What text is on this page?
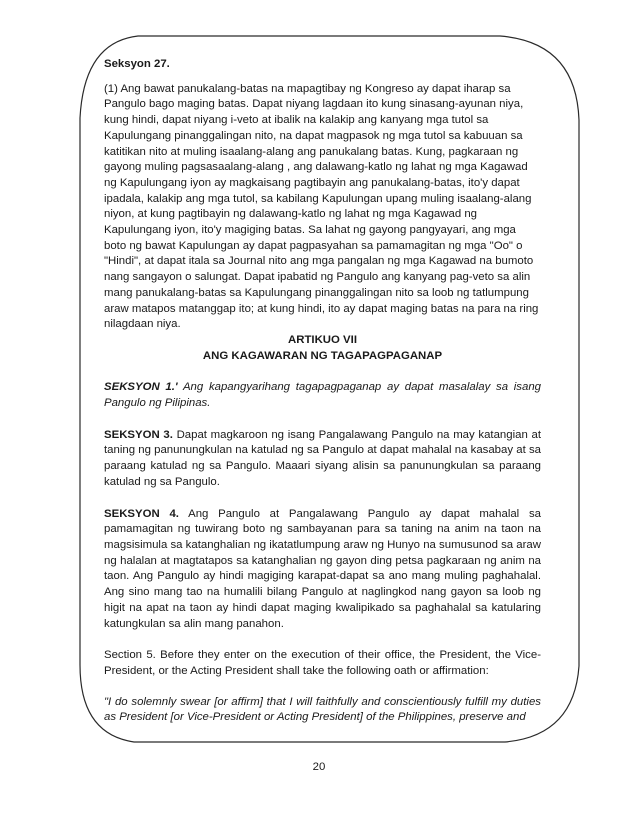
Seksyon 27.

(1) Ang bawat panukalang-batas na mapagtibay ng Kongreso ay dapat iharap sa Pangulo bago maging batas. Dapat niyang lagdaan ito kung sinasang-ayunan niya, kung hindi, dapat niyang i-veto at ibalik na kalakip ang kanyang mga tutol sa Kapulungang pinanggalingan nito, na dapat magpasok ng mga tutol sa kabuuan sa katitikan nito at muling isaalang-alang ang panukalang batas. Kung, pagkaraan ng gayong muling pagsasaalang-alang , ang dalawang-katlo ng lahat ng mga Kagawad ng Kapulungang iyon ay magkaisang pagtibayin ang panukalang-batas, ito'y dapat ipadala, kalakip ang mga tutol, sa kabilang Kapulungan upang muling isaalang-alang niyon, at kung pagtibayin ng dalawang-katlo ng lahat ng mga Kagawad ng Kapulungang iyon, ito'y magiging batas. Sa lahat ng gayong pangyayari, ang mga boto ng bawat Kapulungan ay dapat pagpasyahan sa pamamagitan ng mga "Oo" o "Hindi", at dapat itala sa Journal nito ang mga pangalan ng mga Kagawad na bumoto nang sangayon o salungat. Dapat ipabatid ng Pangulo ang kanyang pag-veto sa alin mang panukalang-batas sa Kapulungang pinanggalingan nito sa loob ng tatlumpung araw matapos matanggap ito; at kung hindi, ito ay dapat maging batas na para na ring nilagdaan niya.

ARTIKUO VII

ANG KAGAWARAN NG TAGAPAGPAGANAP

SEKSYON 1.' Ang kapangyarihang tagapagpaganap ay dapat masalalay sa isang Pangulo ng Pilipinas.

SEKSYON 3. Dapat magkaroon ng isang Pangalawang Pangulo na may katangian at taning ng panunungkulan na katulad ng sa Pangulo at dapat mahalal na kasabay at sa paraang katulad ng sa Pangulo. Maaari siyang alisin sa panunungkulan sa paraang katulad ng sa Pangulo.

SEKSYON 4. Ang Pangulo at Pangalawang Pangulo ay dapat mahalal sa pamamagitan ng tuwirang boto ng sambayanan para sa taning na anim na taon na magsisimula sa katanghalian ng ikatatlumpung araw ng Hunyo na sumusunod sa araw ng halalan at magtatapos sa katanghalian ng gayon ding petsa pagkaraan ng anim na taon. Ang Pangulo ay hindi magiging karapat-dapat sa ano mang muling paghahalal. Ang sino mang tao na humalili bilang Pangulo at naglingkod nang gayon sa loob ng higit na apat na taon ay hindi dapat maging kwalipikado sa paghahalal sa katularing katungkulan sa alin mang panahon.

Section 5. Before they enter on the execution of their office, the President, the Vice-President, or the Acting President shall take the following oath or affirmation:

"I do solemnly swear [or affirm] that I will faithfully and conscientiously fulfill my duties as President [or Vice-President or Acting President] of the Philippines, preserve and

20
